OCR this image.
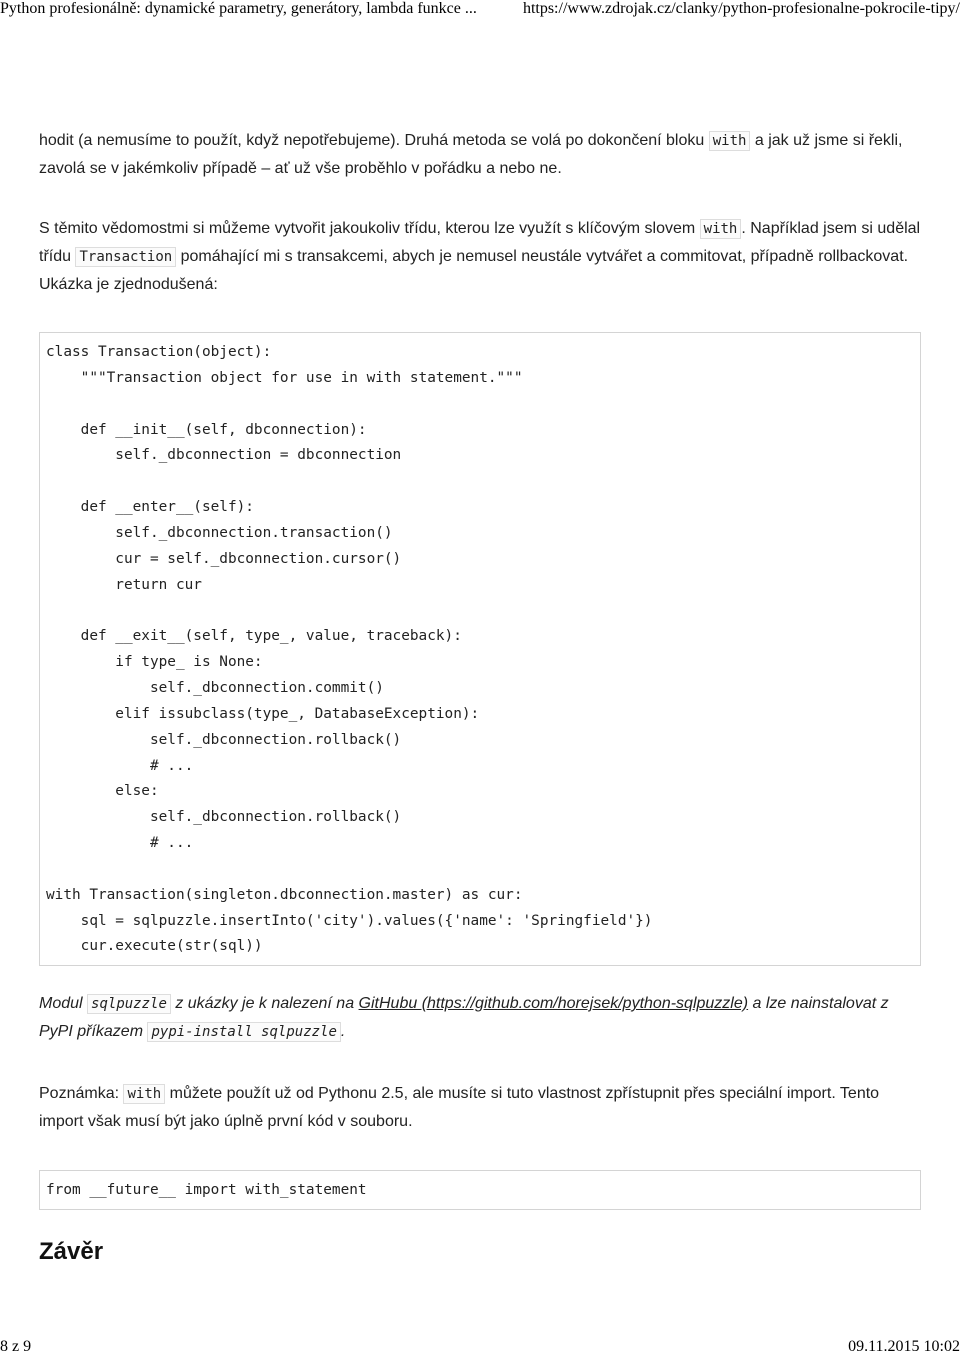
Python profesionálně: dynamické parametry, generátory, lambda funkce ...	https://www.zdrojak.cz/clanky/python-profesionalne-pokrocile-tipy/

hodit (a nemusíme to použít, když nepotřebujeme). Druhá metoda se volá po dokončení bloku with a jak už jsme si řekli, zavolá se v jakémkoliv případě – ať už vše proběhlo v pořádku a nebo ne.

S těmito vědomostmi si můžeme vytvořit jakoukoliv třídu, kterou lze využít s klíčovým slovem with . Například jsem si udělal třídu Transaction pomáhající mi s transakcemi, abych je nemusel neustále vytvářet a commitovat, případně rollbackovat. Ukázka je zjednodušená:

class Transaction(object):
"""Transaction object for use in with statement."""

def __init__(self, dbconnection):
self._dbconnection = dbconnection

def __enter__(self):
self._dbconnection.transaction()
cur = self._dbconnection.cursor()
return cur

def __exit__(self, type_, value, traceback):
if type_ is None:
self._dbconnection.commit()
elif issubclass(type_, DatabaseException):
self._dbconnection.rollback()
# ...
else:
self._dbconnection.rollback()
# ...

with Transaction(singleton.dbconnection.master) as cur:
sql = sqlpuzzle.insertInto('city').values({'name': 'Springfield'})
cur.execute(str(sql))

Modul sqlpuzzle z ukázky je k nalezení na GitHubu (https://github.com/horejsek/python-sqlpuzzle) a lze nainstalovat z PyPI příkazem pypi-install sqlpuzzle .

Poznámka: with můžete použít už od Pythonu 2.5, ale musíte si tuto vlastnost zpřístupnit přes speciální import. Tento import však musí být jako úplně první kód v souboru.

from __future__ import with_statement
Závěr
8 z 9	09.11.2015 10:02
